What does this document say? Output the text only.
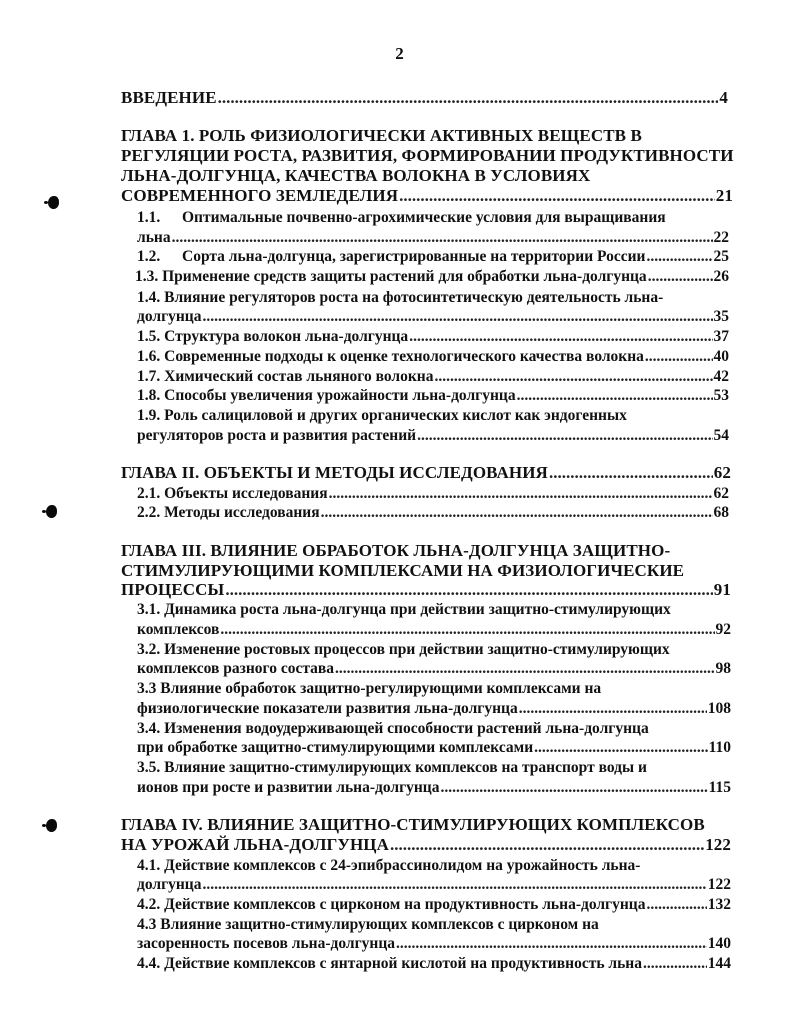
2
ВВЕДЕНИЕ .....	4
ГЛАВА 1. РОЛЬ ФИЗИОЛОГИЧЕСКИ АКТИВНЫХ ВЕЩЕСТВ В
РЕГУЛЯЦИИ РОСТА, РАЗВИТИЯ, ФОРМИРОВАНИИ ПРОДУКТИВНОСТИ
ЛЬНА-ДОЛГУНЦА, КАЧЕСТВА ВОЛОКНА В УСЛОВИЯХ
СОВРЕМЕННОГО ЗЕМЛЕДЕЛИЯ .....	21
1.1. Оптимальные почвенно-агрохимические условия для выращивания
льна .....	22
1.2. Сорта льна-долгунца, зарегистрированные на территории России .....	25
1.3. Применение средств защиты растений для обработки льна-долгунца .....	26
1.4. Влияние регуляторов роста на фотосинтетическую деятельность льна-
долгунца .....	35
1.5. Структура волокон льна-долгунца .....	37
1.6. Современные подходы к оценке технологического качества волокна .....	40
1.7. Химический состав льняного волокна .....	42
1.8. Способы увеличения урожайности льна-долгунца .....	53
1.9. Роль салициловой и других органических кислот как эндогенных
регуляторов роста и развития растений .....	54
ГЛАВА II. ОБЪЕКТЫ И МЕТОДЫ ИССЛЕДОВАНИЯ .....	62
2.1. Объекты исследования .....	62
2.2. Методы исследования .....	68
ГЛАВА III. ВЛИЯНИЕ ОБРАБОТОК ЛЬНА-ДОЛГУНЦА ЗАЩИТНО-
СТИМУЛИРУЮЩИМИ КОМПЛЕКСАМИ НА ФИЗИОЛОГИЧЕСКИЕ
ПРОЦЕССЫ .....	91
3.1. Динамика роста льна-долгунца при действии защитно-стимулирующих
комплексов .....	92
3.2. Изменение ростовых процессов при действии защитно-стимулирующих
комплексов разного состава .....	98
3.3 Влияние обработок защитно-регулирующими комплексами на
физиологические показатели развития льна-долгунца .....	108
3.4. Изменения водоудерживающей способности растений льна-долгунца
при обработке защитно-стимулирующими комплексами .....	110
3.5. Влияние защитно-стимулирующих комплексов на транспорт воды и
ионов при росте и развитии льна-долгунца .....	115
ГЛАВА IV. ВЛИЯНИЕ ЗАЩИТНО-СТИМУЛИРУЮЩИХ КОМПЛЕКСОВ
НА УРОЖАЙ ЛЬНА-ДОЛГУНЦА .....	122
4.1. Действие комплексов с 24-эпибрассинолидом на урожайность льна-
долгунца .....	122
4.2. Действие комплексов с цирконом на продуктивность льна-долгунца .....	132
4.3 Влияние защитно-стимулирующих комплексов с цирконом на
засоренность посевов льна-долгунца .....	140
4.4. Действие комплексов с янтарной кислотой на продуктивность льна .....	144
